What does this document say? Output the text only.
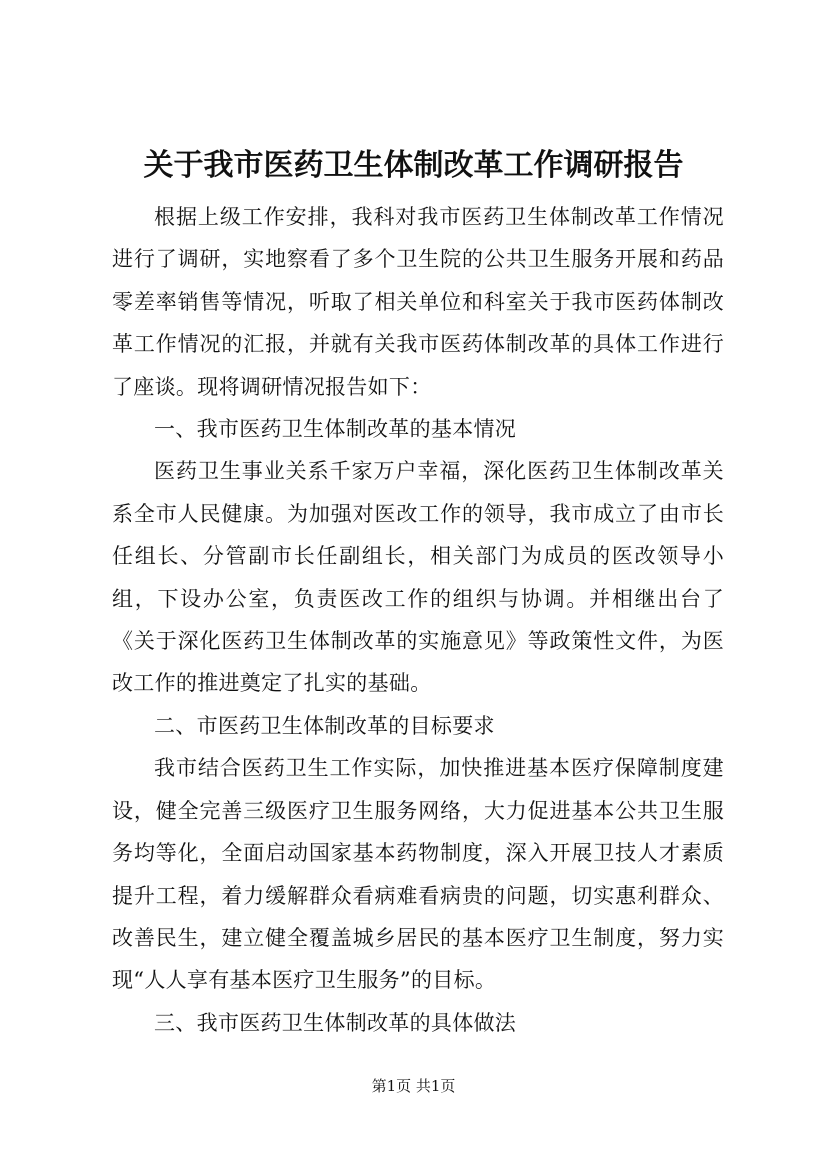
关于我市医药卫生体制改革工作调研报告

根据上级工作安排，我科对我市医药卫生体制改革工作情况进行了调研，实地察看了多个卫生院的公共卫生服务开展和药品零差率销售等情况，听取了相关单位和科室关于我市医药体制改革工作情况的汇报，并就有关我市医药体制改革的具体工作进行了座谈。现将调研情况报告如下：

一、我市医药卫生体制改革的基本情况

医药卫生事业关系千家万户幸福，深化医药卫生体制改革关系全市人民健康。为加强对医改工作的领导，我市成立了由市长任组长、分管副市长任副组长，相关部门为成员的医改领导小组，下设办公室，负责医改工作的组织与协调。并相继出台了《关于深化医药卫生体制改革的实施意见》等政策性文件，为医改工作的推进奠定了扎实的基础。

二、市医药卫生体制改革的目标要求

我市结合医药卫生工作实际，加快推进基本医疗保障制度建设，健全完善三级医疗卫生服务网络，大力促进基本公共卫生服务均等化，全面启动国家基本药物制度，深入开展卫技人才素质提升工程，着力缓解群众看病难看病贵的问题，切实惠利群众、改善民生，建立健全覆盖城乡居民的基本医疗卫生制度，努力实现“人人享有基本医疗卫生服务”的目标。

三、我市医药卫生体制改革的具体做法

第1页 共1页
